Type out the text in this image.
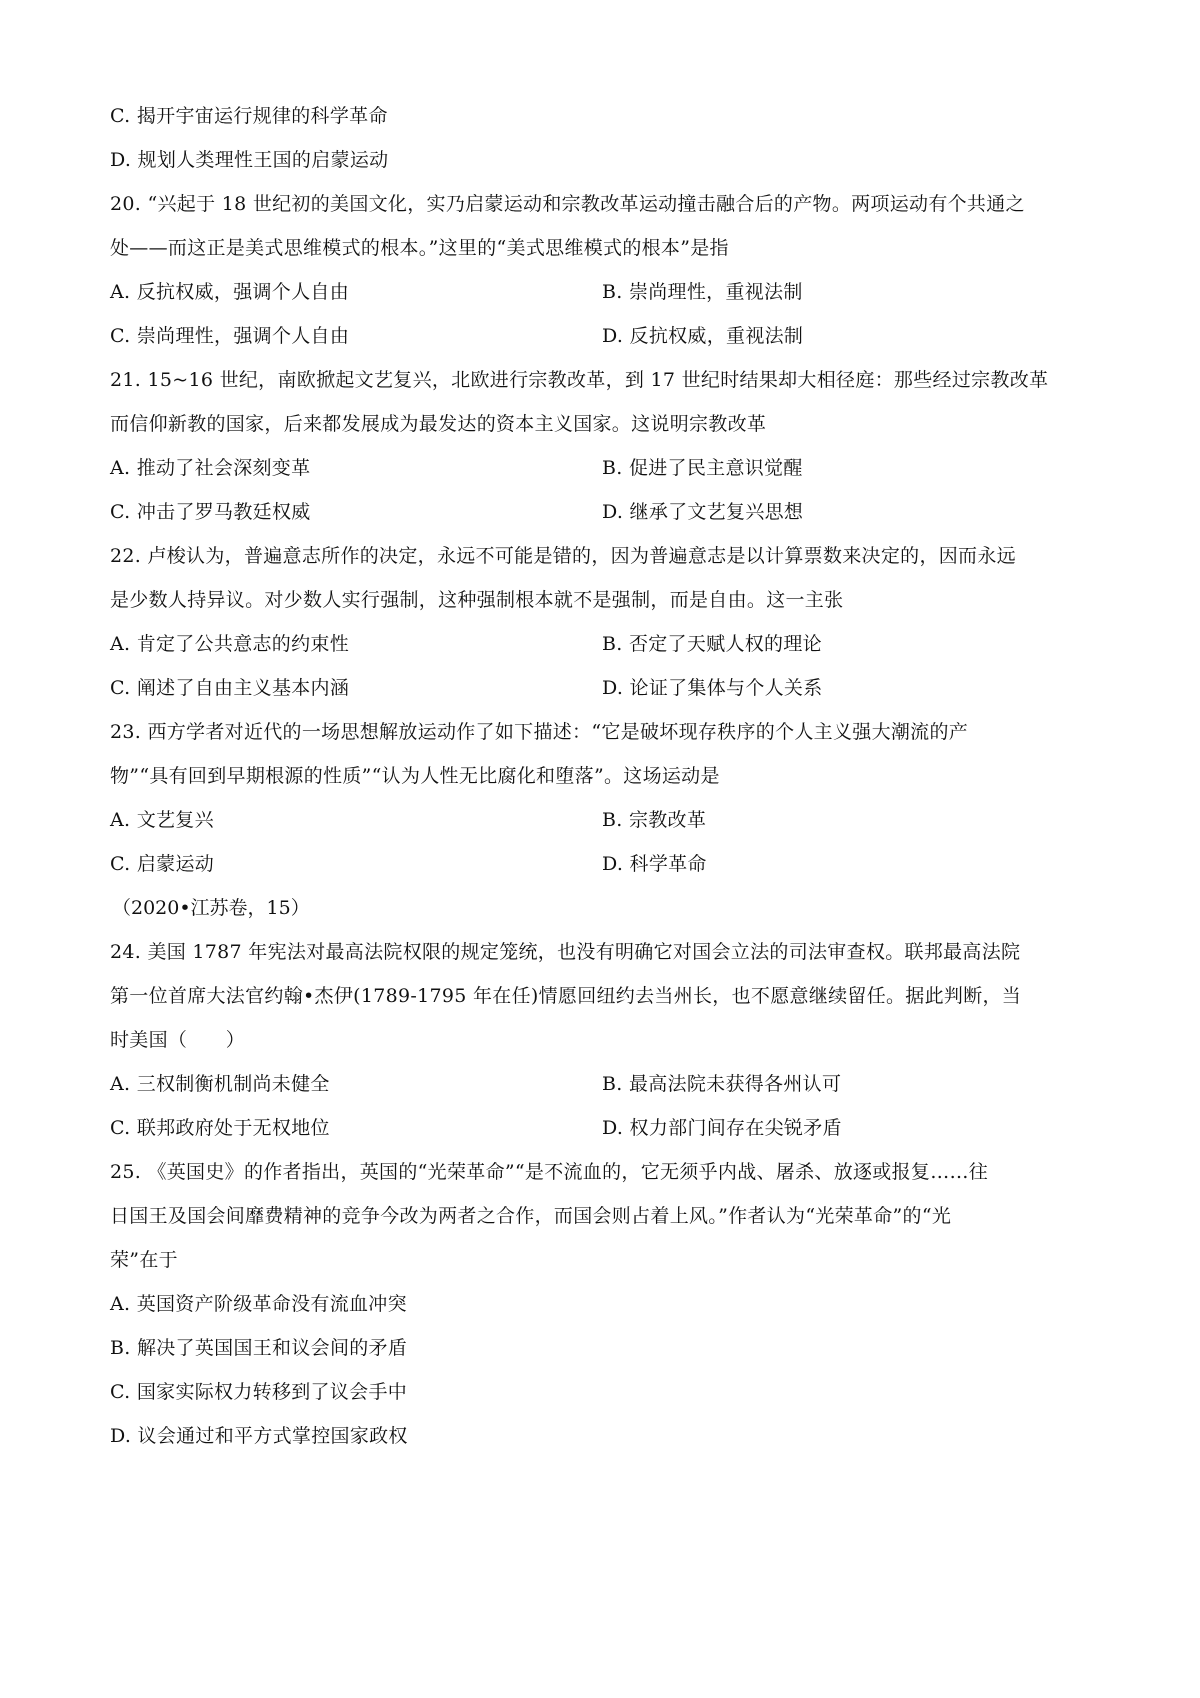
C. 揭开宇宙运行规律的科学革命
D. 规划人类理性王国的启蒙运动
20. “兴起于 18 世纪初的美国文化，实乃启蒙运动和宗教改革运动撞击融合后的产物。两项运动有个共通之
处——而这正是美式思维模式的根本。”这里的“美式思维模式的根本”是指
A. 反抗权威，强调个人自由	B. 崇尚理性，重视法制
C. 崇尚理性，强调个人自由	D. 反抗权威，重视法制
21. 15~16 世纪，南欧掀起文艺复兴，北欧进行宗教改革，到 17 世纪时结果却大相径庭：那些经过宗教改革
而信仰新教的国家，后来都发展成为最发达的资本主义国家。这说明宗教改革
A. 推动了社会深刻变革	B. 促进了民主意识觉醒
C. 冲击了罗马教廷权威	D. 继承了文艺复兴思想
22. 卢梭认为，普遍意志所作的决定，永远不可能是错的，因为普遍意志是以计算票数来决定的，因而永远
是少数人持异议。对少数人实行强制，这种强制根本就不是强制，而是自由。这一主张
A. 肯定了公共意志的约束性	B. 否定了天赋人权的理论
C. 阐述了自由主义基本内涵	D. 论证了集体与个人关系
23. 西方学者对近代的一场思想解放运动作了如下描述：“它是破坏现存秩序的个人主义强大潮流的产
物”“具有回到早期根源的性质”“认为人性无比腐化和堕落”。这场运动是
A. 文艺复兴	B. 宗教改革
C. 启蒙运动	D. 科学革命
（2020•江苏卷，15）
24. 美国 1787 年宪法对最高法院权限的规定笼统，也没有明确它对国会立法的司法审查权。联邦最高法院
第一位首席大法官约翰•杰伊(1789-1795 年在任)情愿回纽约去当州长，也不愿意继续留任。据此判断，当
时美国（　　）
A. 三权制衡机制尚未健全	B. 最高法院未获得各州认可
C. 联邦政府处于无权地位	D. 权力部门间存在尖锐矛盾
25. 《英国史》的作者指出，英国的“光荣革命”“是不流血的，它无须乎内战、屠杀、放逐或报复……往
日国王及国会间靡费精神的竞争今改为两者之合作，而国会则占着上风。”作者认为“光荣革命”的“光
荣”在于
A. 英国资产阶级革命没有流血冲突
B. 解决了英国国王和议会间的矛盾
C. 国家实际权力转移到了议会手中
D. 议会通过和平方式掌控国家政权
